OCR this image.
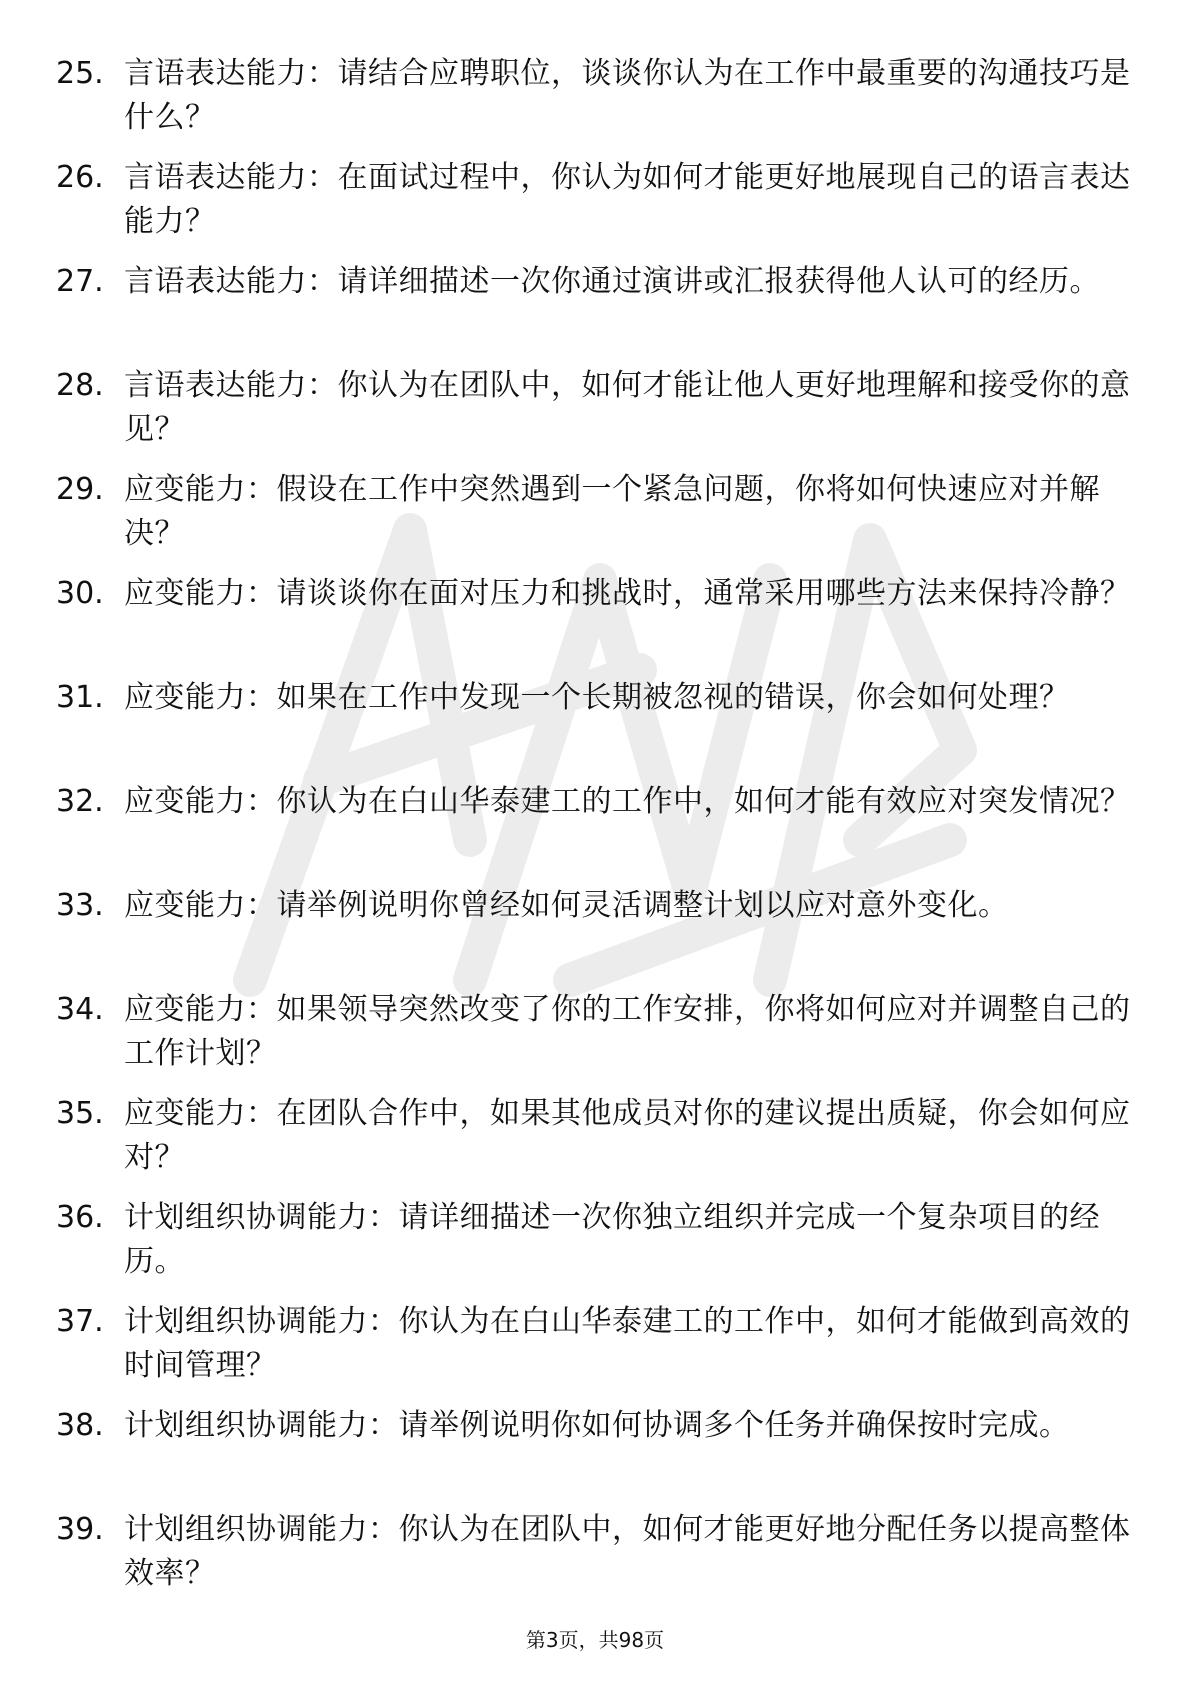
25. 言语表达能力：请结合应聘职位，谈谈你认为在工作中最重要的沟通技巧是什么？
26. 言语表达能力：在面试过程中，你认为如何才能更好地展现自己的语言表达能力？
27. 言语表达能力：请详细描述一次你通过演讲或汇报获得他人认可的经历。
28. 言语表达能力：你认为在团队中，如何才能让他人更好地理解和接受你的意见？
29. 应变能力：假设在工作中突然遇到一个紧急问题，你将如何快速应对并解决？
30. 应变能力：请谈谈你在面对压力和挑战时，通常采用哪些方法来保持冷静？
31. 应变能力：如果在工作中发现一个长期被忽视的错误，你会如何处理？
32. 应变能力：你认为在白山华泰建工的工作中，如何才能有效应对突发情况？
33. 应变能力：请举例说明你曾经如何灵活调整计划以应对意外变化。
34. 应变能力：如果领导突然改变了你的工作安排，你将如何应对并调整自己的工作计划？
35. 应变能力：在团队合作中，如果其他成员对你的建议提出质疑，你会如何应对？
36. 计划组织协调能力：请详细描述一次你独立组织并完成一个复杂项目的经历。
37. 计划组织协调能力：你认为在白山华泰建工的工作中，如何才能做到高效的时间管理？
38. 计划组织协调能力：请举例说明你如何协调多个任务并确保按时完成。
39. 计划组织协调能力：你认为在团队中，如何才能更好地分配任务以提高整体效率？
第3页，共98页
